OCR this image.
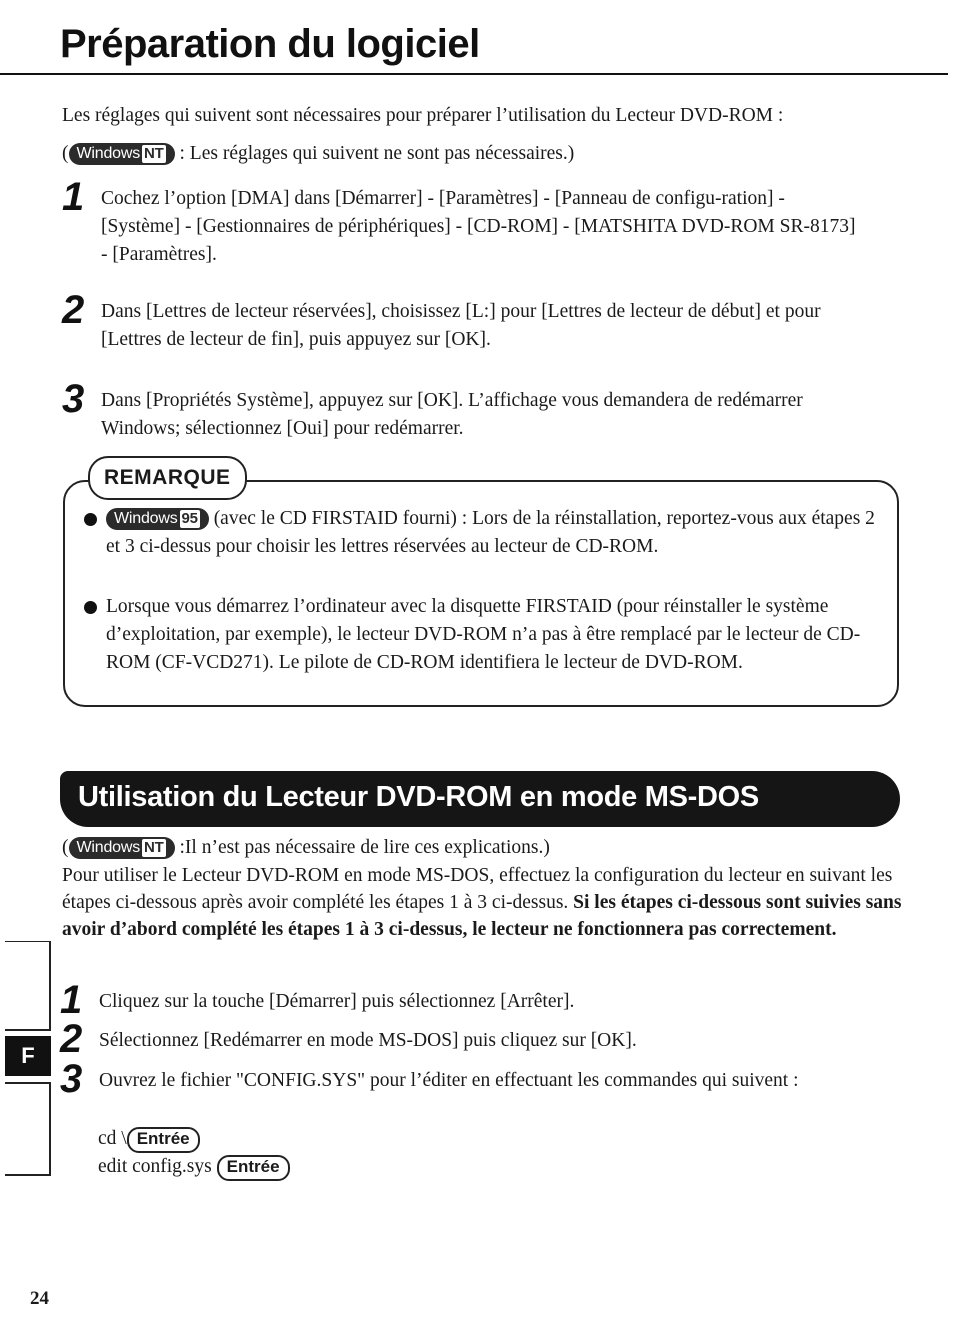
Préparation du logiciel

Les réglages qui suivent sont nécessaires pour préparer l’utilisation du Lecteur DVD-ROM :

( Windows NT : Les réglages qui suivent ne sont pas nécessaires.)

1 Cochez l’option [DMA] dans [Démarrer] - [Paramètres] - [Panneau de configu-ration] - [Système] - [Gestionnaires de périphériques] - [CD-ROM] - [MATSHITA DVD-ROM SR-8173] - [Paramètres].
2 Dans [Lettres de lecteur réservées], choisissez [L:] pour [Lettres de lecteur de début] et pour [Lettres de lecteur de fin], puis appuyez sur [OK].
3 Dans [Propriétés Système], appuyez sur [OK]. L’affichage vous demandera de redémarrer Windows; sélectionnez [Oui] pour redémarrer.
REMARQUE
Windows 95 (avec le CD FIRSTAID fourni) : Lors de la réinstallation, reportez-vous aux étapes 2 et 3 ci-dessus pour choisir les lettres réservées au lecteur de CD-ROM.
Lorsque vous démarrez l’ordinateur avec la disquette FIRSTAID (pour réinstaller le système d’exploitation, par exemple), le lecteur DVD-ROM n’a pas à être remplacé par le lecteur de CD-ROM (CF-VCD271). Le pilote de CD-ROM identifiera le lecteur de DVD-ROM.
Utilisation du Lecteur DVD-ROM en mode MS-DOS

( Windows NT :Il n’est pas nécessaire de lire ces explications.)

Pour utiliser le Lecteur DVD-ROM en mode MS-DOS, effectuez la configuration du lecteur en suivant les étapes ci-dessous après avoir complété les étapes 1 à 3 ci-dessus. Si les étapes ci-dessous sont suivies sans avoir d’abord complété les étapes 1 à 3 ci-dessus, le lecteur ne fonctionnera pas correctement.

1 Cliquez sur la touche [Démarrer] puis sélectionnez [Arrêter].
2 Sélectionnez [Redémarrer en mode MS-DOS] puis cliquez sur [OK].
3 Ouvrez le fichier "CONFIG.SYS" pour l’éditer en effectuant les commandes qui suivent :
cd \ Entrée
edit config.sys Entrée
F
24
